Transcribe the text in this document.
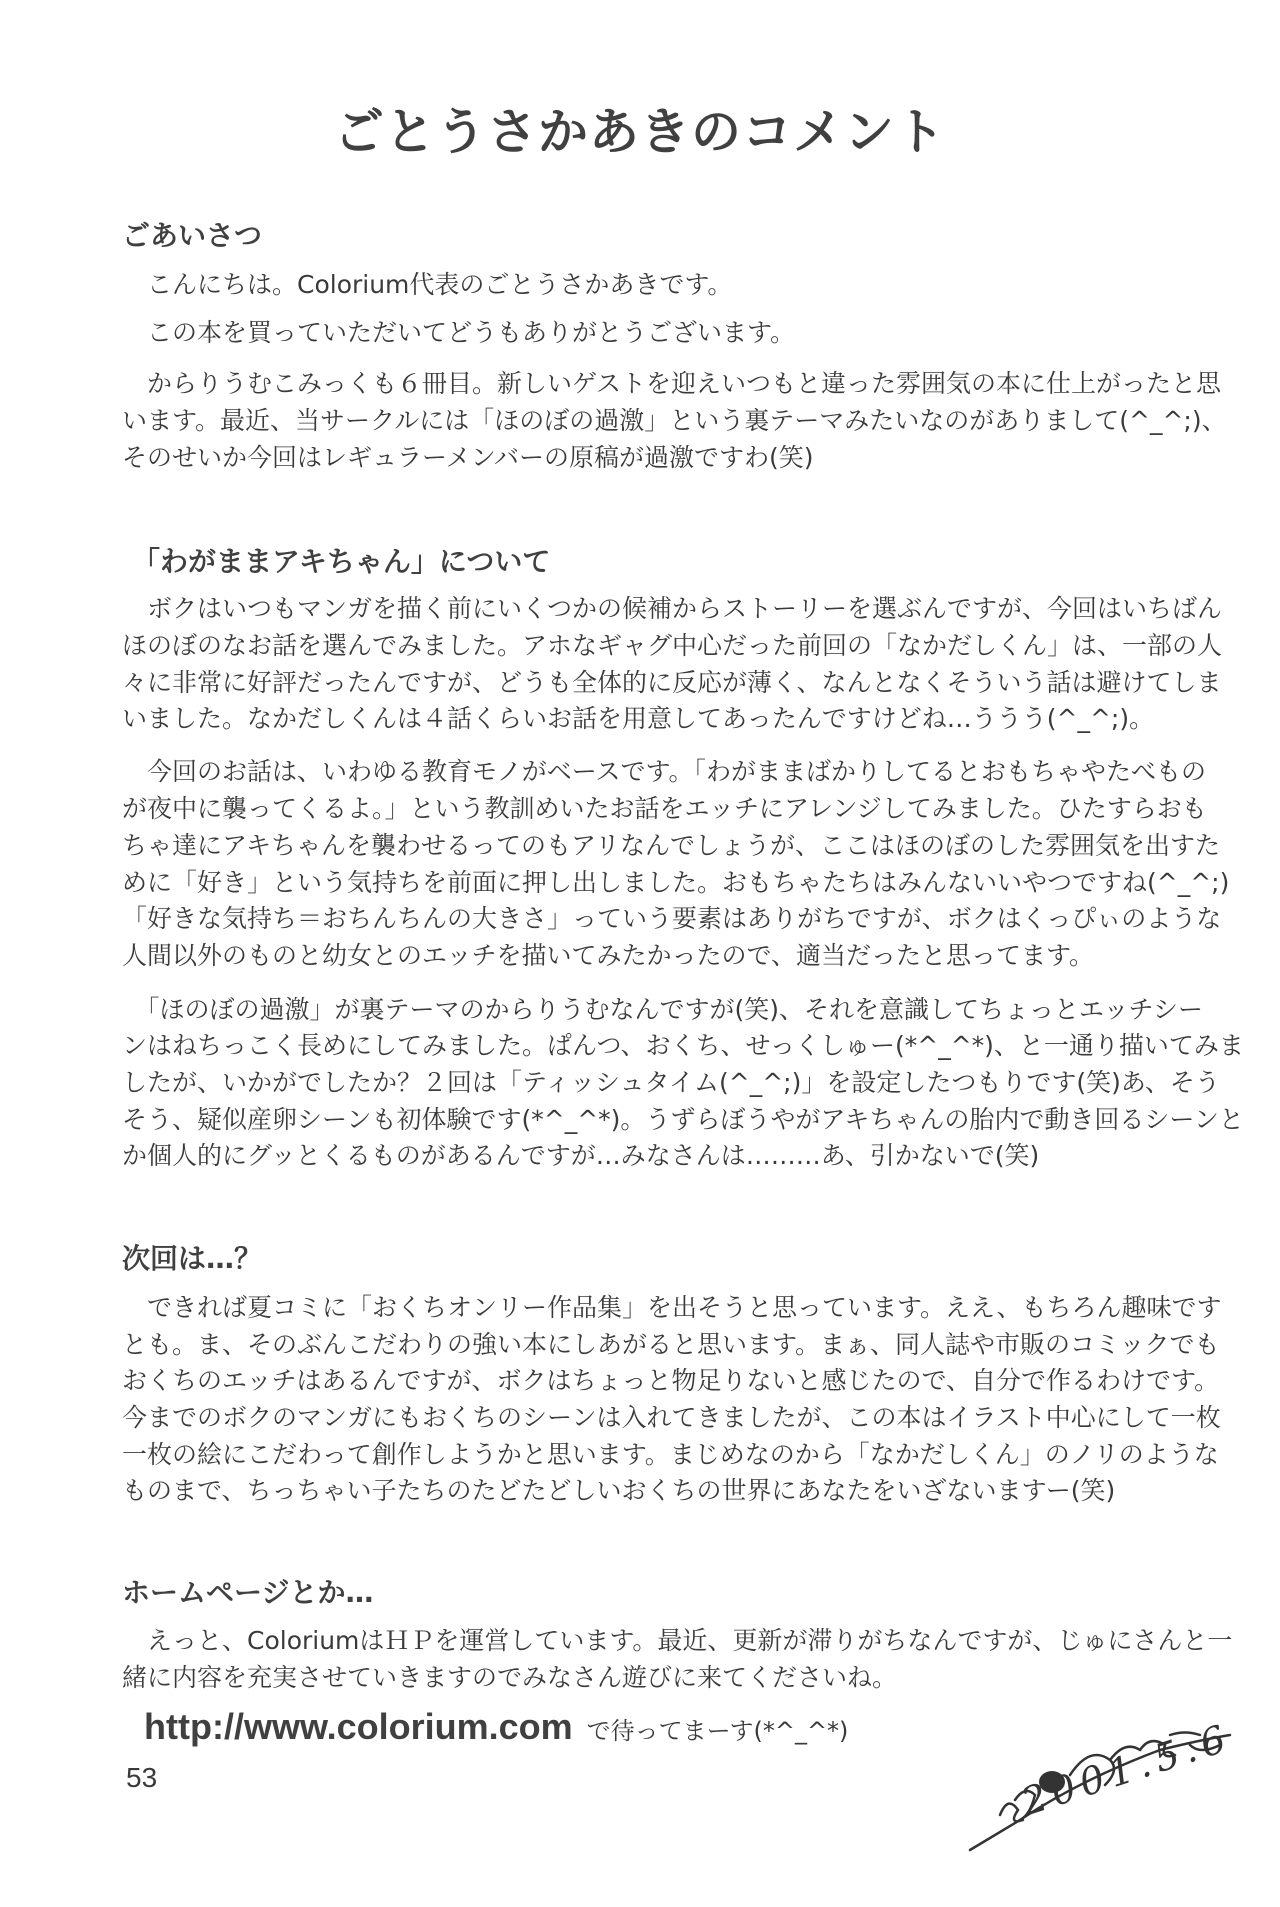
ごとうさかあきのコメント
ごあいさつ
　こんにちは。Colorium代表のごとうさかあきです。
　この本を買っていただいてどうもありがとうございます。
　からりうむこみっくも６冊目。新しいゲストを迎えいつもと違った雰囲気の本に仕上がったと思
います。最近、当サークルには「ほのぼの過激」という裏テーマみたいなのがありまして(^_^;)、
そのせいか今回はレギュラーメンバーの原稿が過激ですわ(笑)
「わがままアキちゃん」について
　ボクはいつもマンガを描く前にいくつかの候補からストーリーを選ぶんですが、今回はいちばん
ほのぼのなお話を選んでみました。アホなギャグ中心だった前回の「なかだしくん」は、一部の人
々に非常に好評だったんですが、どうも全体的に反応が薄く、なんとなくそういう話は避けてしま
いました。なかだしくんは４話くらいお話を用意してあったんですけどね…ううう(^_^;)。
　今回のお話は、いわゆる教育モノがベースです。「わがままばかりしてるとおもちゃやたべもの
が夜中に襲ってくるよ。」という教訓めいたお話をエッチにアレンジしてみました。ひたすらおも
ちゃ達にアキちゃんを襲わせるってのもアリなんでしょうが、ここはほのぼのした雰囲気を出すた
めに「好き」という気持ちを前面に押し出しました。おもちゃたちはみんないいやつですね(^_^;)
「好きな気持ち＝おちんちんの大きさ」っていう要素はありがちですが、ボクはくっぴぃのような
人間以外のものと幼女とのエッチを描いてみたかったので、適当だったと思ってます。
　「ほのぼの過激」が裏テーマのからりうむなんですが(笑)、それを意識してちょっとエッチシー
ンはねちっこく長めにしてみました。ぱんつ、おくち、せっくしゅー(*^_^*)、と一通り描いてみま
したが、いかがでしたか？２回は「ティッシュタイム(^_^;)」を設定したつもりです(笑)あ、そう
そう、疑似産卵シーンも初体験です(*^_^*)。うずらぼうやがアキちゃんの胎内で動き回るシーンと
か個人的にグッとくるものがあるんですが…みなさんは………あ、引かないで(笑)
次回は…？
　できれば夏コミに「おくちオンリー作品集」を出そうと思っています。ええ、もちろん趣味です
とも。ま、そのぶんこだわりの強い本にしあがると思います。まぁ、同人誌や市販のコミックでも
おくちのエッチはあるんですが、ボクはちょっと物足りないと感じたので、自分で作るわけです。
今までのボクのマンガにもおくちのシーンは入れてきましたが、この本はイラスト中心にして一枚
一枚の絵にこだわって創作しようかと思います。まじめなのから「なかだしくん」のノリのような
ものまで、ちっちゃい子たちのたどたどしいおくちの世界にあなたをいざないますー(笑)
ホームページとか…
　えっと、ColoriumはＨＰを運営しています。最近、更新が滞りがちなんですが、じゅにさんと一
緒に内容を充実させていきますのでみなさん遊びに来てくださいね。
http://www.colorium.com で待ってまーす(*^_^*)
53	2001.5.6
